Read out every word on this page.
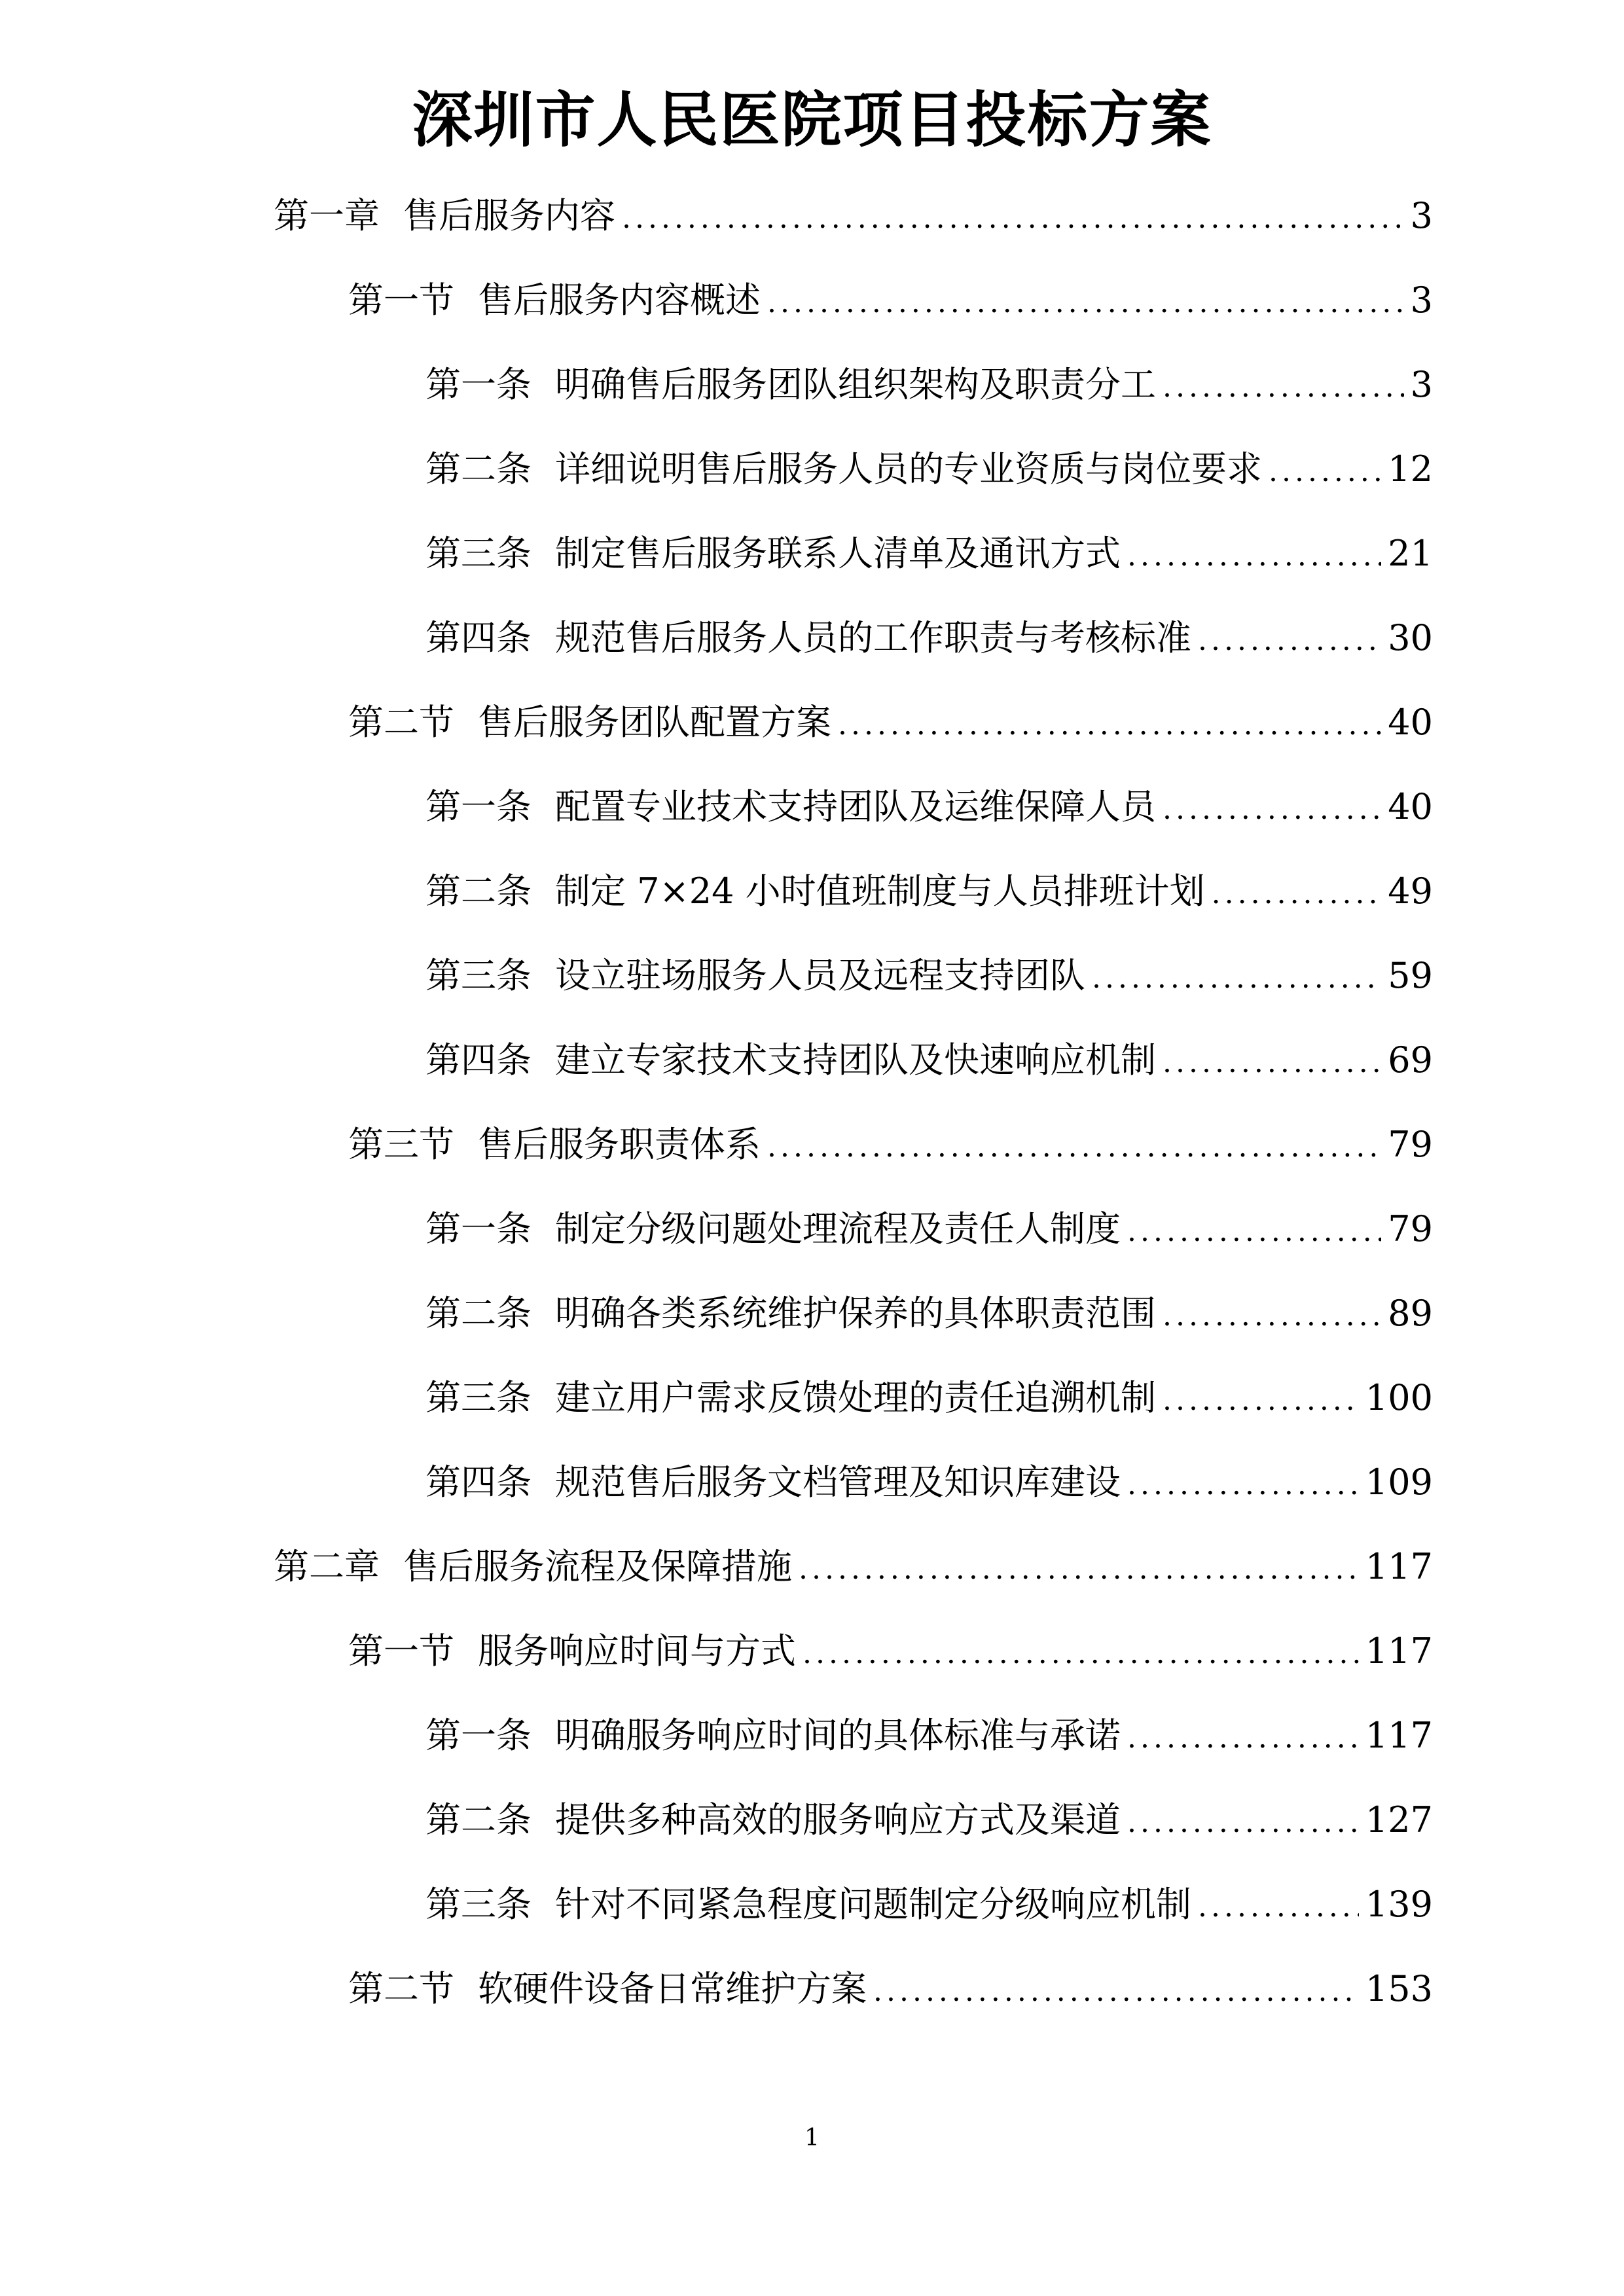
深圳市人民医院项目投标方案
第一章 售后服务内容 .....	3
第一节 售后服务内容概述 .....	3
第一条 明确售后服务团队组织架构及职责分工 .....	3
第二条 详细说明售后服务人员的专业资质与岗位要求 .....	12
第三条 制定售后服务联系人清单及通讯方式 .....	21
第四条 规范售后服务人员的工作职责与考核标准 .....	30
第二节 售后服务团队配置方案 .....	40
第一条 配置专业技术支持团队及运维保障人员 .....	40
第二条 制定 7×24 小时值班制度与人员排班计划 .....	49
第三条 设立驻场服务人员及远程支持团队 .....	59
第四条 建立专家技术支持团队及快速响应机制 .....	69
第三节 售后服务职责体系 .....	79
第一条 制定分级问题处理流程及责任人制度 .....	79
第二条 明确各类系统维护保养的具体职责范围 .....	89
第三条 建立用户需求反馈处理的责任追溯机制 .....	100
第四条 规范售后服务文档管理及知识库建设 .....	109
第二章 售后服务流程及保障措施 .....	117
第一节 服务响应时间与方式 .....	117
第一条 明确服务响应时间的具体标准与承诺 .....	117
第二条 提供多种高效的服务响应方式及渠道 .....	127
第三条 针对不同紧急程度问题制定分级响应机制 .....	139
第二节 软硬件设备日常维护方案 .....	153
1
